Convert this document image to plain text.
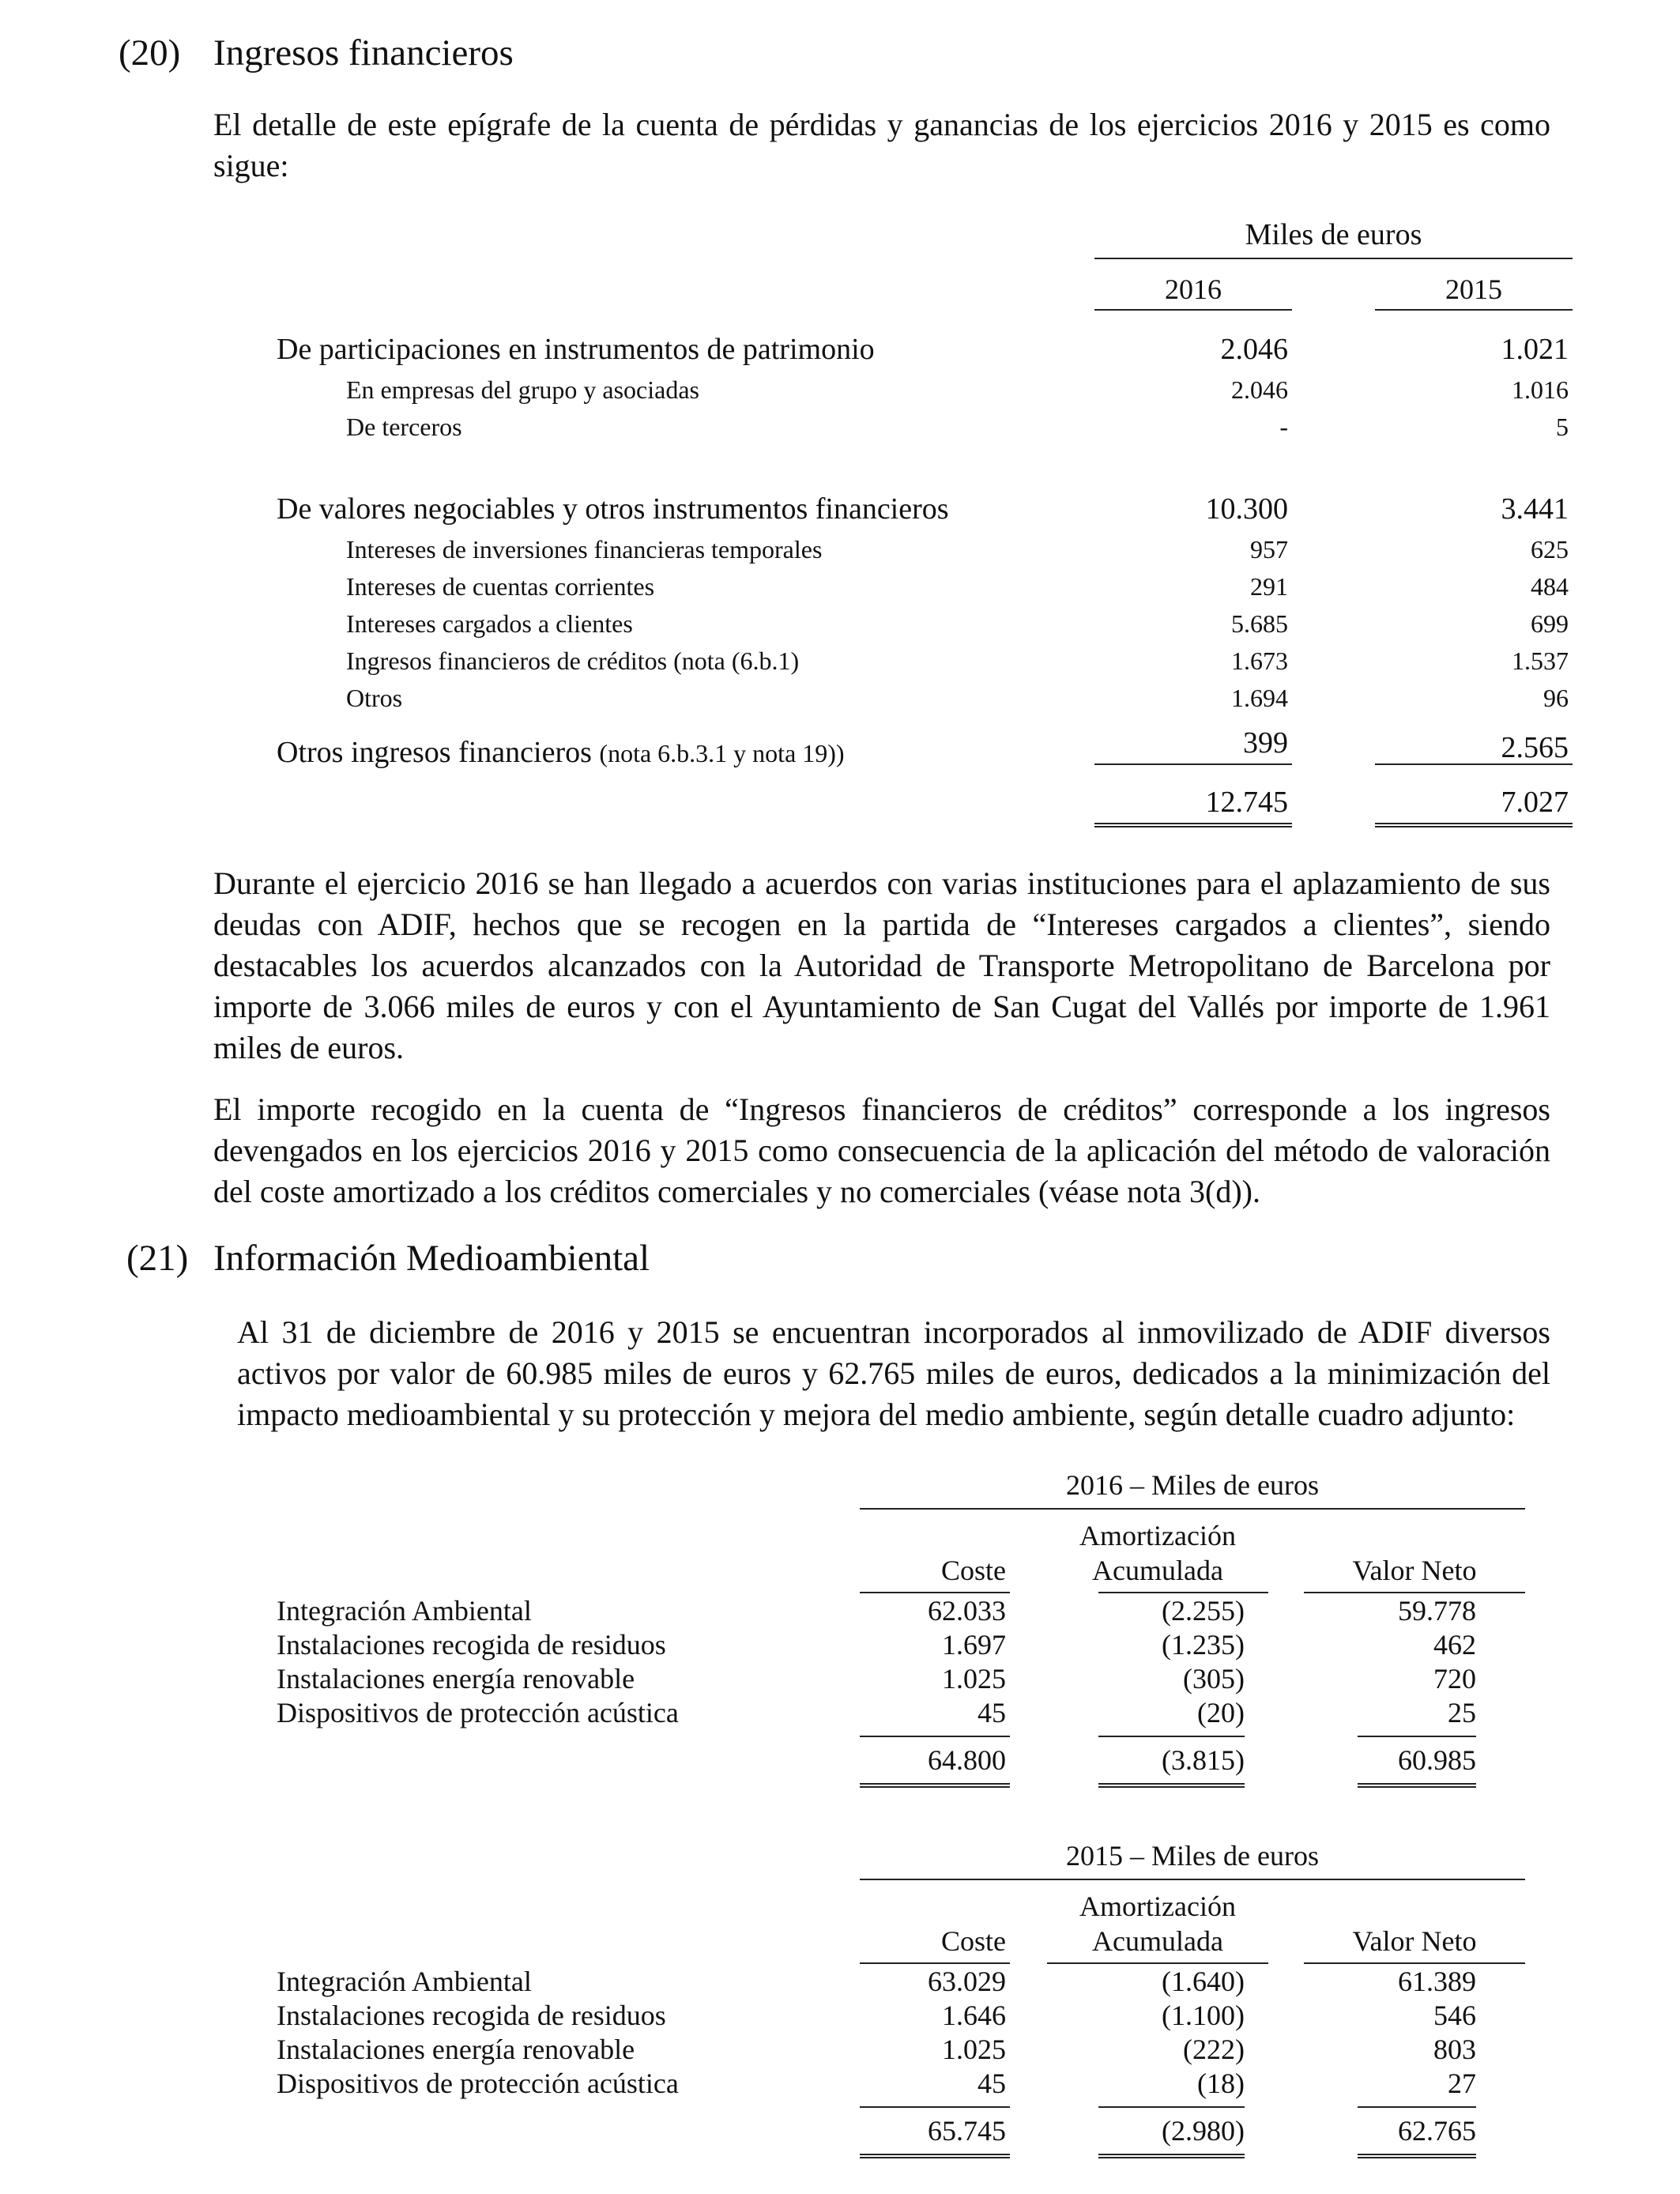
(20) Ingresos financieros
El detalle de este epígrafe de la cuenta de pérdidas y ganancias de los ejercicios 2016 y 2015 es como sigue:
Miles de euros
2016	2015
De participaciones en instrumentos de patrimonio	2.046	1.021
En empresas del grupo y asociadas	2.046	1.016
De terceros	-	5
De valores negociables y otros instrumentos financieros	10.300	3.441
Intereses de inversiones financieras temporales	957	625
Intereses de cuentas corrientes	291	484
Intereses cargados a clientes	5.685	699
Ingresos financieros de créditos (nota (6.b.1)	1.673	1.537
Otros	1.694	96
Otros ingresos financieros (nota 6.b.3.1 y nota 19))	399	2.565
12.745	7.027
Durante el ejercicio 2016 se han llegado a acuerdos con varias instituciones para el aplazamiento de sus deudas con ADIF, hechos que se recogen en la partida de “Intereses cargados a clientes”, siendo destacables los acuerdos alcanzados con la Autoridad de Transporte Metropolitano de Barcelona por importe de 3.066 miles de euros y con el Ayuntamiento de San Cugat del Vallés por importe de 1.961 miles de euros.
El importe recogido en la cuenta de “Ingresos financieros de créditos” corresponde a los ingresos devengados en los ejercicios 2016 y 2015 como consecuencia de la aplicación del método de valoración del coste amortizado a los créditos comerciales y no comerciales (véase nota 3(d)).
(21) Información Medioambiental
Al 31 de diciembre de 2016 y 2015 se encuentran incorporados al inmovilizado de ADIF diversos activos por valor de 60.985 miles de euros y 62.765 miles de euros, dedicados a la minimización del impacto medioambiental y su protección y mejora del medio ambiente, según detalle cuadro adjunto:
2016 – Miles de euros
Amortización
Coste	Acumulada	Valor Neto
Integración Ambiental	62.033	(2.255)	59.778
Instalaciones recogida de residuos	1.697	(1.235)	462
Instalaciones energía renovable	1.025	(305)	720
Dispositivos de protección acústica	45	(20)	25
64.800	(3.815)	60.985
2015 – Miles de euros
Amortización
Coste	Acumulada	Valor Neto
Integración Ambiental	63.029	(1.640)	61.389
Instalaciones recogida de residuos	1.646	(1.100)	546
Instalaciones energía renovable	1.025	(222)	803
Dispositivos de protección acústica	45	(18)	27
65.745	(2.980)	62.765
